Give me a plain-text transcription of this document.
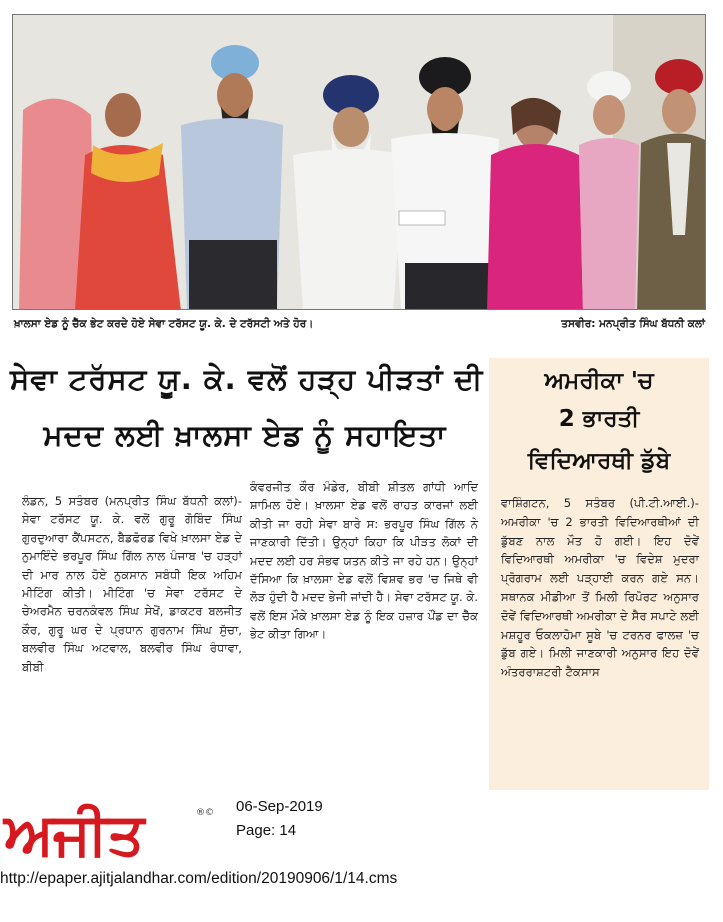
ਖ਼ਾਲਸਾ ਏਡ ਨੂੰ ਚੈੱਕ ਭੇਟ ਕਰਦੇ ਹੋਏ ਸੇਵਾ ਟਰੱਸਟ ਯੂ. ਕੇ. ਦੇ ਟਰੱਸਟੀ ਅਤੇ ਹੋਰ।	ਤਸਵੀਰ: ਮਨਪ੍ਰੀਤ ਸਿੰਘ ਬੱਧਨੀ ਕਲਾਂ
ਸੇਵਾ ਟਰੱਸਟ ਯੂ. ਕੇ. ਵਲੋਂ ਹੜ੍ਹ ਪੀੜਤਾਂ ਦੀ
ਮਦਦ ਲਈ ਖ਼ਾਲਸਾ ਏਡ ਨੂੰ ਸਹਾਇਤਾ
ਲੰਡਨ, 5 ਸਤੰਬਰ (ਮਨਪ੍ਰੀਤ ਸਿੰਘ ਬੱਧਨੀ ਕਲਾਂ)-ਸੇਵਾ ਟਰੱਸਟ ਯੂ. ਕੇ. ਵਲੋਂ ਗੁਰੂ ਗੋਬਿੰਦ ਸਿੰਘ ਗੁਰਦੁਆਰਾ ਕੈਂਪਸਟਨ, ਬੈਡਫੋਰਡ ਵਿਖੇ ਖ਼ਾਲਸਾ ਏਡ ਦੇ ਨੁਮਾਇੰਦੇ ਭਰਪੂਰ ਸਿੰਘ ਗਿੱਲ ਨਾਲ ਪੰਜਾਬ 'ਚ ਹੜ੍ਹਾਂ ਦੀ ਮਾਰ ਨਾਲ ਹੋਏ ਨੁਕਸਾਨ ਸਬੰਧੀ ਇਕ ਅਹਿਮ ਮੀਟਿੰਗ ਕੀਤੀ। ਮੀਟਿੰਗ 'ਚ ਸੇਵਾ ਟਰੱਸਟ ਦੇ ਚੇਅਰਮੈਨ ਚਰਨਕੰਵਲ ਸਿੰਘ ਸੇਖੋਂ, ਡਾਕਟਰ ਬਲਜੀਤ ਕੌਰ, ਗੁਰੂ ਘਰ ਦੇ ਪ੍ਰਧਾਨ ਗੁਰਨਾਮ ਸਿੰਘ ਸੁੱਚਾ, ਬਲਵੀਰ ਸਿੰਘ ਅਟਵਾਲ, ਬਲਵੀਰ ਸਿੰਘ ਰੰਧਾਵਾ, ਬੀਬੀ
ਕੰਵਰਜੀਤ ਕੌਰ ਮੰਡੇਰ, ਬੀਬੀ ਸ਼ੀਤਲ ਗਾਂਧੀ ਆਦਿ ਸ਼ਾਮਿਲ ਹੋਏ। ਖ਼ਾਲਸਾ ਏਡ ਵਲੋਂ ਰਾਹਤ ਕਾਰਜਾਂ ਲਈ ਕੀਤੀ ਜਾ ਰਹੀ ਸੇਵਾ ਬਾਰੇ ਸ: ਭਰਪੂਰ ਸਿੰਘ ਗਿੱਲ ਨੇ ਜਾਣਕਾਰੀ ਦਿੱਤੀ। ਉਨ੍ਹਾਂ ਕਿਹਾ ਕਿ ਪੀੜਤ ਲੋਕਾਂ ਦੀ ਮਦਦ ਲਈ ਹਰ ਸੰਭਵ ਯਤਨ ਕੀਤੇ ਜਾ ਰਹੇ ਹਨ। ਉਨ੍ਹਾਂ ਦੱਸਿਆ ਕਿ ਖ਼ਾਲਸਾ ਏਡ ਵਲੋਂ ਵਿਸ਼ਵ ਭਰ 'ਚ ਜਿਥੇ ਵੀ ਲੋੜ ਹੁੰਦੀ ਹੈ ਮਦਦ ਭੇਜੀ ਜਾਂਦੀ ਹੈ। ਸੇਵਾ ਟਰੱਸਟ ਯੂ. ਕੇ. ਵਲੋਂ ਇਸ ਮੌਕੇ ਖ਼ਾਲਸਾ ਏਡ ਨੂੰ ਇਕ ਹਜ਼ਾਰ ਪੌਂਡ ਦਾ ਚੈੱਕ ਭੇਟ ਕੀਤਾ ਗਿਆ।
ਅਮਰੀਕਾ 'ਚ
2 ਭਾਰਤੀ
ਵਿਦਿਆਰਥੀ ਡੁੱਬੇ
ਵਾਸ਼ਿੰਗਟਨ, 5 ਸਤੰਬਰ (ਪੀ.ਟੀ.ਆਈ.)-ਅਮਰੀਕਾ 'ਚ 2 ਭਾਰਤੀ ਵਿਦਿਆਰਥੀਆਂ ਦੀ ਡੁੱਬਣ ਨਾਲ ਮੌਤ ਹੋ ਗਈ। ਇਹ ਦੋਵੇਂ ਵਿਦਿਆਰਥੀ ਅਮਰੀਕਾ 'ਚ ਵਿਦੇਸ਼ ਮੁਦਰਾ ਪ੍ਰੋਗਰਾਮ ਲਈ ਪੜ੍ਹਾਈ ਕਰਨ ਗਏ ਸਨ। ਸਥਾਨਕ ਮੀਡੀਆ ਤੋਂ ਮਿਲੀ ਰਿਪੋਰਟ ਅਨੁਸਾਰ ਦੋਵੇਂ ਵਿਦਿਆਰਥੀ ਅਮਰੀਕਾ ਦੇ ਸੈਰ ਸਪਾਟੇ ਲਈ ਮਸ਼ਹੂਰ ਓਕਲਾਹੋਮਾ ਸੂਬੇ 'ਚ ਟਰਨਰ ਫਾਲਜ਼ 'ਚ ਡੁੱਬ ਗਏ। ਮਿਲੀ ਜਾਣਕਾਰੀ ਅਨੁਸਾਰ ਇਹ ਦੋਵੇਂ ਅੰਤਰਰਾਸ਼ਟਰੀ ਟੈਕਸਾਸ
ਅਜੀਤ	®© 06-Sep-2019
Page: 14
http://epaper.ajitjalandhar.com/edition/20190906/1/14.cms
